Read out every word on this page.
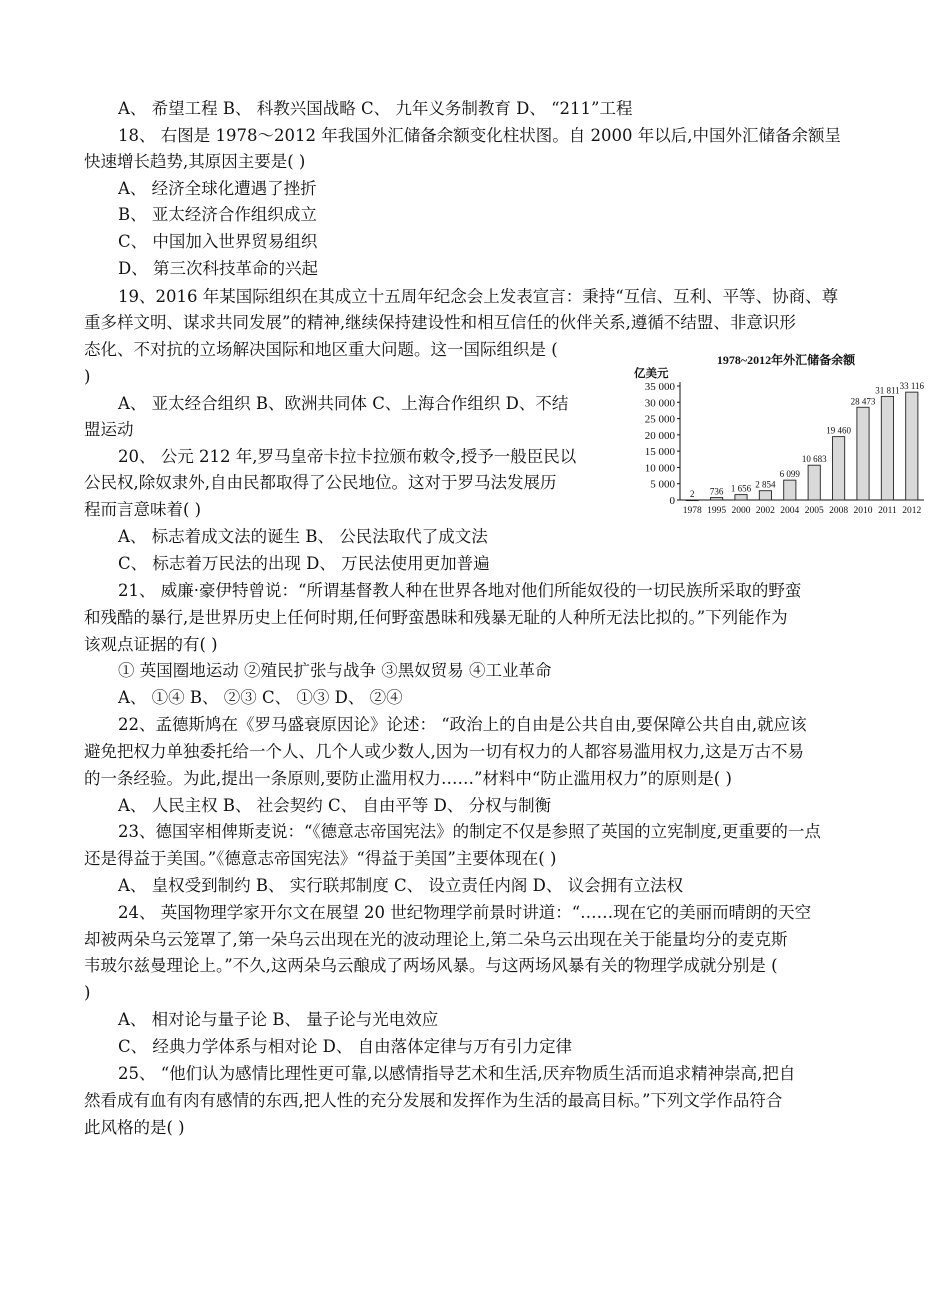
A、 希望工程 B、 科教兴国战略 C、 九年义务制教育 D、 “211”工程
18、 右图是 1978～2012 年我国外汇储备余额变化柱状图。自 2000 年以后,中国外汇储备余额呈
快速增长趋势,其原因主要是( )
A、 经济全球化遭遇了挫折
B、 亚太经济合作组织成立
C、 中国加入世界贸易组织
D、 第三次科技革命的兴起
19、2016 年某国际组织在其成立十五周年纪念会上发表宣言：秉持“互信、互利、平等、协商、尊
重多样文明、谋求共同发展”的精神,继续保持建设性和相互信任的伙伴关系,遵循不结盟、非意识形
态化、不对抗的立场解决国际和地区重大问题。这一国际组织是 (
)
A、 亚太经合组织 B、欧洲共同体 C、上海合作组织 D、不结
盟运动
20、 公元 212 年,罗马皇帝卡拉卡拉颁布敕令,授予一般臣民以
公民权,除奴隶外,自由民都取得了公民地位。这对于罗马法发展历
程而言意味着( )
A、 标志着成文法的诞生 B、 公民法取代了成文法
C、 标志着万民法的出现 D、 万民法使用更加普遍
21、 威廉·豪伊特曾说：“所谓基督教人种在世界各地对他们所能奴役的一切民族所采取的野蛮
和残酷的暴行,是世界历史上任何时期,任何野蛮愚昧和残暴无耻的人种所无法比拟的。”下列能作为
该观点证据的有( )
① 英国圈地运动 ②殖民扩张与战争 ③黑奴贸易 ④工业革命
A、 ①④ B、 ②③ C、 ①③ D、 ②④
22、孟德斯鸠在《罗马盛衰原因论》论述： “政治上的自由是公共自由,要保障公共自由,就应该
避免把权力单独委托给一个人、几个人或少数人,因为一切有权力的人都容易滥用权力,这是万古不易
的一条经验。为此,提出一条原则,要防止滥用权力……”材料中“防止滥用权力”的原则是( )
A、 人民主权 B、 社会契约 C、 自由平等 D、 分权与制衡
23、德国宰相俾斯麦说：“《德意志帝国宪法》的制定不仅是参照了英国的立宪制度,更重要的一点
还是得益于美国。”《德意志帝国宪法》“得益于美国”主要体现在( )
A、 皇权受到制约 B、 实行联邦制度 C、 设立责任内阁 D、 议会拥有立法权
24、 英国物理学家开尔文在展望 20 世纪物理学前景时讲道：“……现在它的美丽而晴朗的天空
却被两朵乌云笼罩了,第一朵乌云出现在光的波动理论上,第二朵乌云出现在关于能量均分的麦克斯
韦玻尔兹曼理论上。”不久,这两朵乌云酿成了两场风暴。与这两场风暴有关的物理学成就分别是 (
)
A、 相对论与量子论 B、 量子论与光电效应
C、 经典力学体系与相对论 D、 自由落体定律与万有引力定律
25、 “他们认为感情比理性更可靠,以感情指导艺术和生活,厌弃物质生活而追求精神崇高,把自
然看成有血有肉有感情的东西,把人性的充分发展和发挥作为生活的最高目标。”下列文学作品符合
此风格的是( )
1978~2012年外汇储备余额
亿美元
0
5 000
10 000
15 000
20 000
25 000
30 000
35 000
2
1978
736
1995
1 656
2000
2 854
2002
6 099
2004
10 683
2005
19 460
2008
28 473
2010
31 811
2011
33 116
2012
